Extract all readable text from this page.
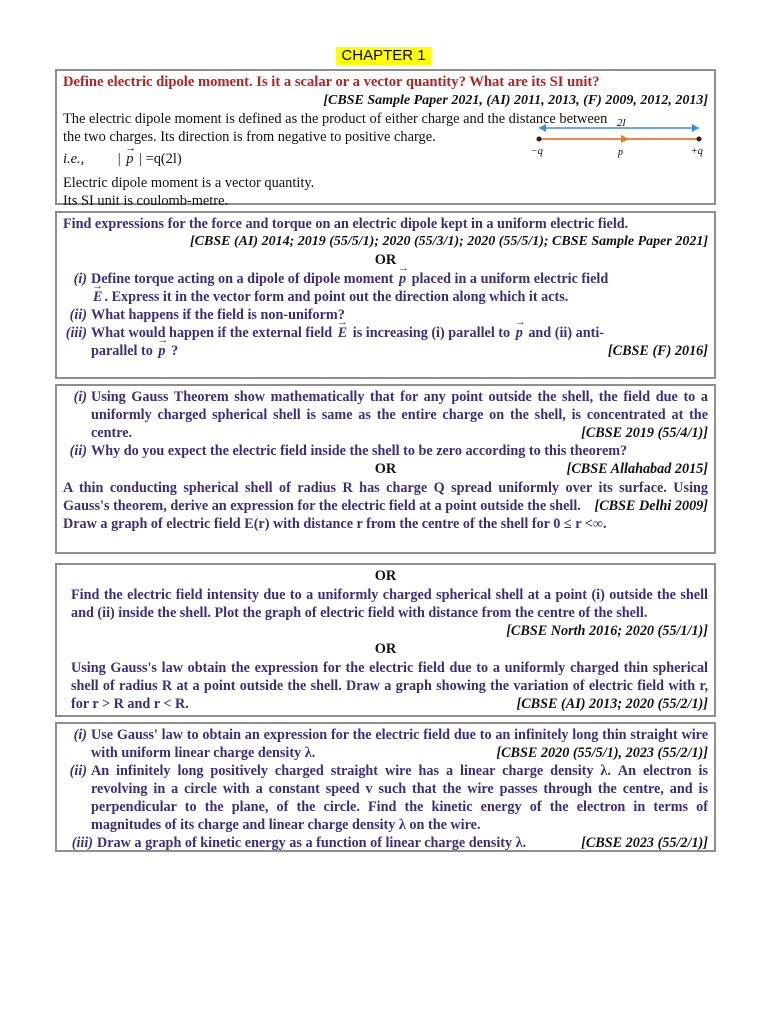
CHAPTER 1
Define electric dipole moment. Is it a scalar or a vector quantity? What are its SI unit?
[CBSE Sample Paper 2021, (AI) 2011, 2013, (F) 2009, 2012, 2013]
The electric dipole moment is defined as the product of either charge and the distance between
the two charges. Its direction is from negative to positive charge.
i.e., | → p | =q(2l)
Electric dipole moment is a vector quantity.
Its SI unit is coulomb-metre.
2l
−q	+q
p
Find expressions for the force and torque on an electric dipole kept in a uniform electric field.
[CBSE (AI) 2014; 2019 (55/5/1); 2020 (55/3/1); 2020 (55/5/1); CBSE Sample Paper 2021]
OR
(i) Define torque acting on a dipole of dipole moment → p placed in a uniform electric field
→ E . Express it in the vector form and point out the direction along which it acts.
(ii) What happens if the field is non-uniform?
(iii) What would happen if the external field → E is increasing (i) parallel to → p and (ii) anti-
parallel to → p ?	[CBSE (F) 2016]
(i) Using Gauss Theorem show mathematically that for any point outside the shell, the field due to a uniformly charged spherical shell is same as the entire charge on the shell, is concentrated at the centre.	[CBSE 2019 (55/4/1)]
(ii) Why do you expect the electric field inside the shell to be zero according to this theorem?
OR	[CBSE Allahabad 2015]
A thin conducting spherical shell of radius R has charge Q spread uniformly over its surface. Using Gauss's theorem, derive an expression for the electric field at a point outside the shell. [CBSE Delhi 2009]
Draw a graph of electric field E(r) with distance r from the centre of the shell for 0 ≤ r <∞.
OR
Find the electric field intensity due to a uniformly charged spherical shell at a point (i) outside the shell and (ii) inside the shell. Plot the graph of electric field with distance from the centre of the shell.
[CBSE North 2016; 2020 (55/1/1)]
OR
Using Gauss's law obtain the expression for the electric field due to a uniformly charged thin spherical shell of radius R at a point outside the shell. Draw a graph showing the variation of electric field with r, for r > R and r < R.	[CBSE (AI) 2013; 2020 (55/2/1)]
(i) Use Gauss' law to obtain an expression for the electric field due to an infinitely long thin straight wire with uniform linear charge density λ.	[CBSE 2020 (55/5/1), 2023 (55/2/1)]
(ii) An infinitely long positively charged straight wire has a linear charge density λ. An electron is revolving in a circle with a constant speed v such that the wire passes through the centre, and is perpendicular to the plane, of the circle. Find the kinetic energy of the electron in terms of magnitudes of its charge and linear charge density λ on the wire.
(iii) Draw a graph of kinetic energy as a function of linear charge density λ.	[CBSE 2023 (55/2/1)]
